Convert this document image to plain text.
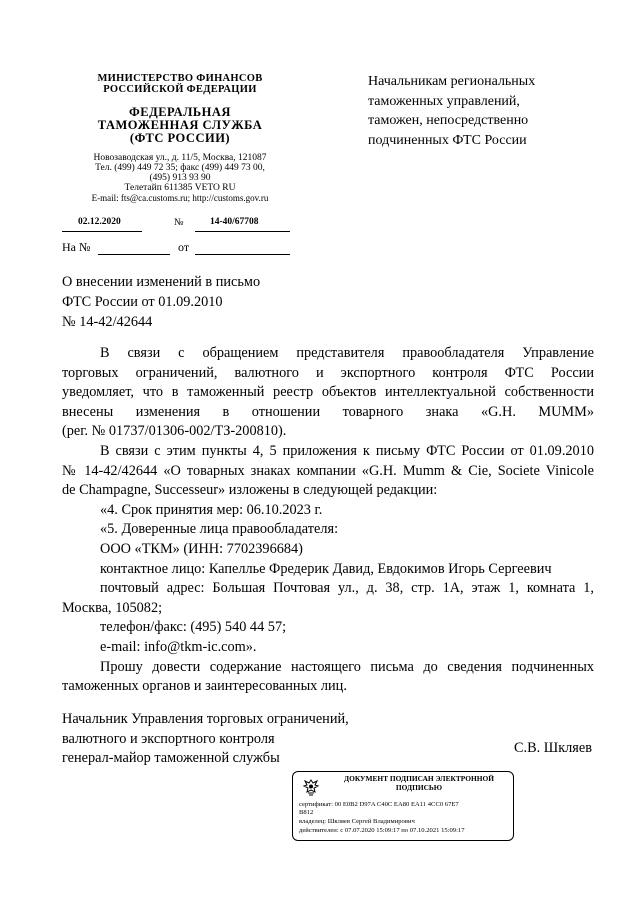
МИНИСТЕРСТВО ФИНАНСОВ
РОССИЙСКОЙ ФЕДЕРАЦИИ
ФЕДЕРАЛЬНАЯ
ТАМОЖЕННАЯ СЛУЖБА
(ФТС РОССИИ)
Новозаводская ул., д. 11/5, Москва, 121087
Тел. (499) 449 72 35; факс (499) 449 73 00,
(495) 913 93 90
Телетайп 611385 VETO RU
E-mail: fts@ca.customs.ru; http://customs.gov.ru
02.12.2020	№	14-40/67708
На №	от
Начальникам региональных
таможенных управлений,
таможен, непосредственно
подчиненных ФТС России
О внесении изменений в письмо
ФТС России от 01.09.2010
№ 14-42/42644

В связи с обращением представителя правообладателя Управление

торговых ограничений, валютного и экспортного контроля ФТС России

уведомляет, что в таможенный реестр объектов интеллектуальной собственности

внесены изменения в отношении товарного знака «G.H. MUMM»

(рег. № 01737/01306-002/ТЗ-200810).

В связи с этим пункты 4, 5 приложения к письму ФТС России от 01.09.2010

№ 14-42/42644 «О товарных знаках компании «G.H. Mumm & Cie, Societe Vinicole

de Champagne, Successeur» изложены в следующей редакции:

«4. Срок принятия мер: 06.10.2023 г.

«5. Доверенные лица правообладателя:

ООО «ТКМ» (ИНН: 7702396684)

контактное лицо: Капеллье Фредерик Давид, Евдокимов Игорь Сергеевич

почтовый адрес: Большая Почтовая ул., д. 38, стр. 1А, этаж 1, комната 1,

Москва, 105082;

телефон/факс: (495) 540 44 57;

e-mail: info@tkm-ic.com».

Прошу довести содержание настоящего письма до сведения подчиненных

таможенных органов и заинтересованных лиц.

Начальник Управления торговых ограничений,
валютного и экспортного контроля
генерал-майор таможенной службы
С.В. Шкляев
ДОКУМЕНТ ПОДПИСАН ЭЛЕКТРОННОЙ
ПОДПИСЬЮ
сертификат: 00 E0B2 D97A C40C EA80 EA11 4CC0 67E7
B812
владелец: Шкляев Сергей Владимирович
действителен: с 07.07.2020 15:09:17 по 07.10.2021 15:09:17
